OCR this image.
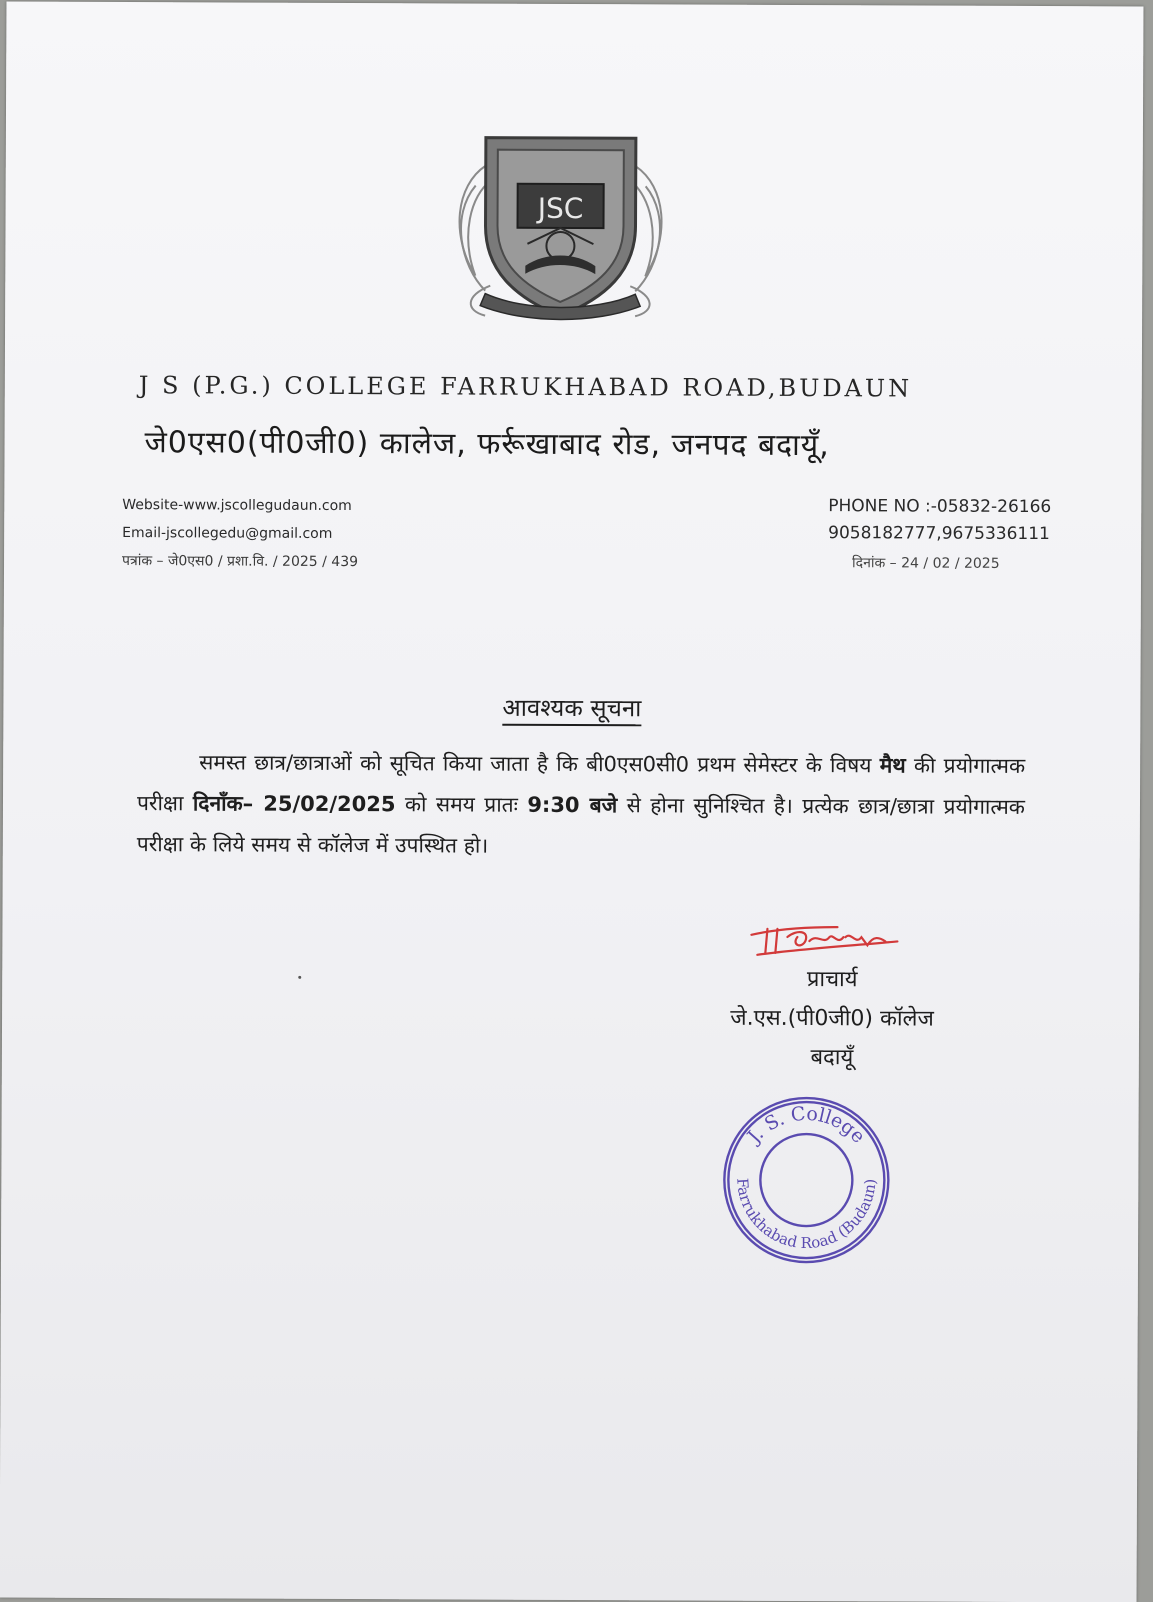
JSC

J S (P.G.) COLLEGE FARRUKHABAD ROAD,BUDAUN

जे0एस0(पी0जी0) कालेज, फर्रूखाबाद रोड, जनपद बदायूँ,

Website-www.jscollegudaun.com

Email-jscollegedu@gmail.com

पत्रांक – जे0एस0 / प्रशा.वि. / 2025 / 439

PHONE NO :-05832-26166

9058182777,9675336111

दिनांक – 24 / 02 / 2025

आवश्यक सूचना

समस्त छात्र/छात्राओं को सूचित किया जाता है कि बी0एस0सी0 प्रथम सेमेस्टर के विषय मैथ की प्रयोगात्मक परीक्षा दिनाँक– 25/02/2025 को समय प्रातः 9:30 बजे से होना सुनिश्चित है। प्रत्येक छात्र/छात्रा प्रयोगात्मक परीक्षा के लिये समय से कॉलेज में उपस्थित हो।

प्राचार्य
जे.एस.(पी0जी0) कॉलेज
बदायूँ
J. S. College
Farrukhabad Road (Budaun)
